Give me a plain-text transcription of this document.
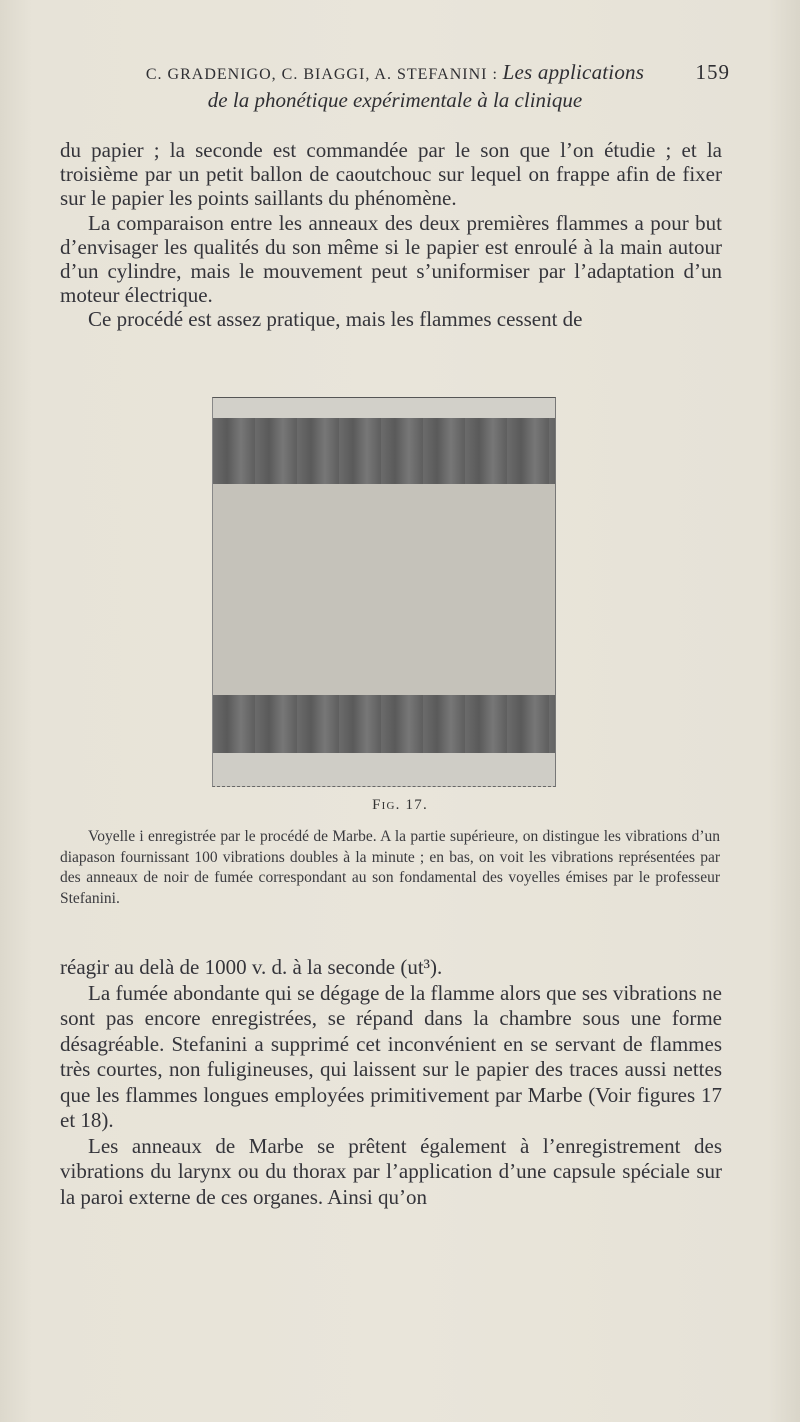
C. GRADENIGO, C. BIAGGI, A. STEFANINI : Les applications 159
de la phonétique expérimentale à la clinique

du papier ; la seconde est commandée par le son que l’on étudie ; et la troisième par un petit ballon de caoutchouc sur lequel on frappe afin de fixer sur le papier les points saillants du phénomène.

La comparaison entre les anneaux des deux premières flammes a pour but d’envisager les qualités du son même si le papier est enroulé à la main autour d’un cylindre, mais le mouvement peut s’uniformiser par l’adaptation d’un moteur électrique.

Ce procédé est assez pratique, mais les flammes cessent de

Fig. 17.

Voyelle i enregistrée par le procédé de Marbe. A la partie supérieure, on distingue les vibrations d’un diapason fournissant 100 vibrations doubles à la minute ; en bas, on voit les vibrations représentées par des anneaux de noir de fumée correspondant au son fondamental des voyelles émises par le professeur Stefanini.

réagir au delà de 1000 v. d. à la seconde (ut³).

La fumée abondante qui se dégage de la flamme alors que ses vibrations ne sont pas encore enregistrées, se répand dans la chambre sous une forme désagréable. Stefanini a supprimé cet inconvénient en se servant de flammes très courtes, non fuligineuses, qui laissent sur le papier des traces aussi nettes que les flammes longues employées primitivement par Marbe (Voir figures 17 et 18).

Les anneaux de Marbe se prêtent également à l’enregistrement des vibrations du larynx ou du thorax par l’application d’une capsule spéciale sur la paroi externe de ces organes. Ainsi qu’on
